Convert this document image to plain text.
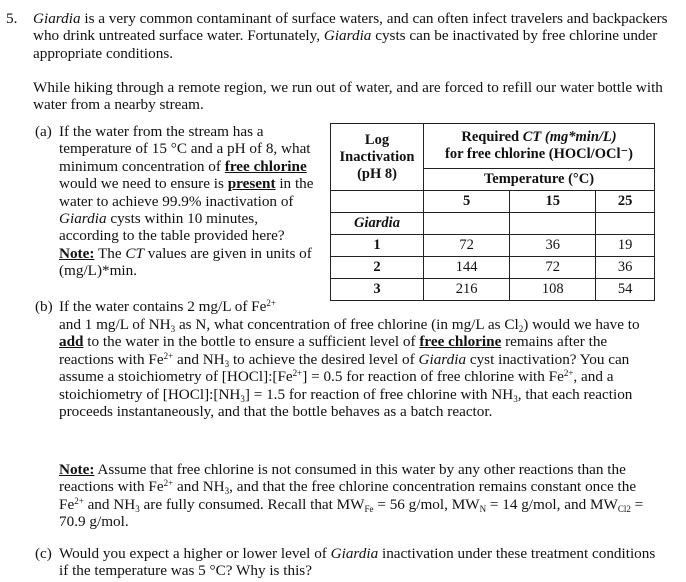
5. Giardia is a very common contaminant of surface waters, and can often infect travelers and backpackers who drink untreated surface water. Fortunately, Giardia cysts can be inactivated by free chlorine under appropriate conditions.

While hiking through a remote region, we run out of water, and are forced to refill our water bottle with water from a nearby stream.

(a) If the water from the stream has a temperature of 15 °C and a pH of 8, what minimum concentration of free chlorine would we need to ensure is present in the water to achieve 99.9% inactivation of Giardia cysts within 10 minutes, according to the table provided here? Note: The CT values are given in units of (mg/L)*min.

Log Inactivation (pH 8)	Required CT (mg*min/L)
for free chlorine (HOCl/OCl⁻)		
	Temperature (°C)		
	5	15	25
Giardia			
1	72	36	19
2	144	72	36
3	216	108	54
(b) If the water contains 2 mg/L of $Fe^{2+}$

and 1 mg/L of $NH_3$ as N, what concentration of free chlorine (in mg/L as $Cl_2$) would we have to add to the water in the bottle to ensure a sufficient level of free chlorine remains after the reactions with $Fe^{2+}$ and $NH_3$ to achieve the desired level of Giardia cyst inactivation? You can assume a stoichiometry of $[HOCl]:[Fe^{2+}] = 0.5$ for reaction of free chlorine with $Fe^{2+}$, and a stoichiometry of $[HOCl]:[NH_3] = 1.5$ for reaction of free chlorine with $NH_3$, that each reaction proceeds instantaneously, and that the bottle behaves as a batch reactor.

Note: Assume that free chlorine is not consumed in this water by any other reactions than the reactions with $Fe^{2+}$ and $NH_3$, and that the free chlorine concentration remains constant once the $Fe^{2+}$ and $NH_3$ are fully consumed. Recall that $MW_{Fe} = 56$ g/mol, $MW_N = 14$ g/mol, and $MW_{Cl2} = 70.9$ g/mol.

(c) Would you expect a higher or lower level of Giardia inactivation under these treatment conditions if the temperature was 5 °C? Why is this?
